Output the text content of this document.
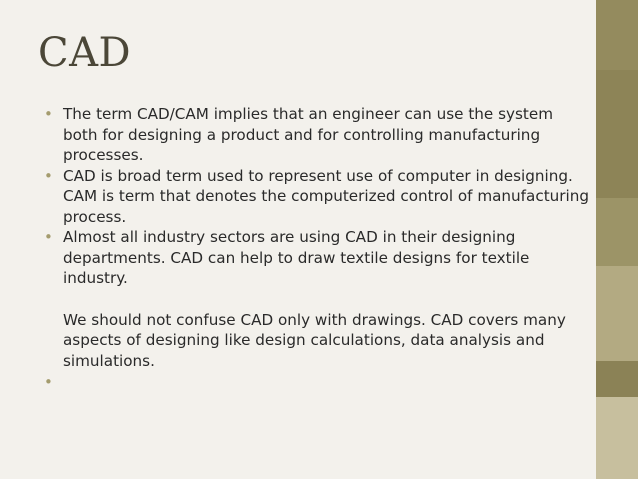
CAD
• The term CAD/CAM implies that an engineer can use the system both for designing a product and for controlling manufacturing processes.
• CAD is broad term used to represent use of computer in designing. CAM is term that denotes the computerized control of manufacturing process.
• Almost all industry sectors are using CAD in their designing departments. CAD can help to draw textile designs for textile industry.
We should not confuse CAD only with drawings. CAD covers many aspects of designing like design calculations, data analysis and simulations.
•
